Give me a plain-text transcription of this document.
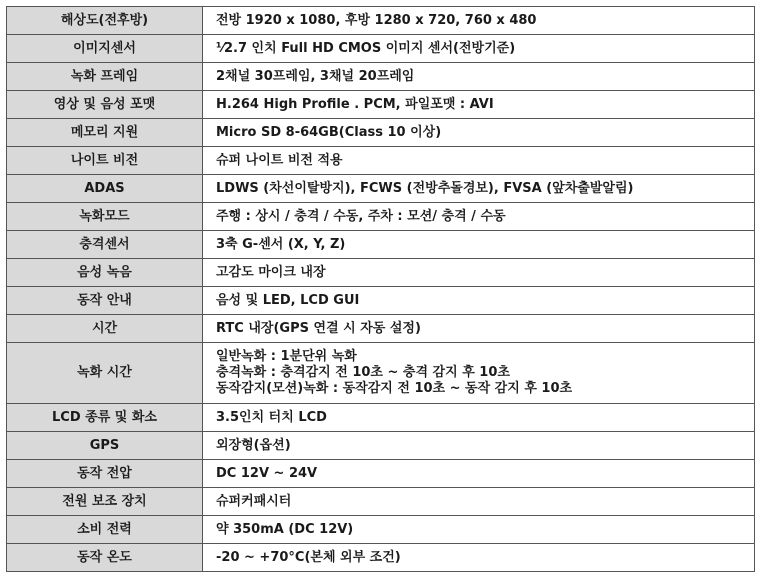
해상도(전후방)	전방 1920 x 1080, 후방 1280 x 720, 760 x 480
이미지센서	⅟2.7 인치 Full HD CMOS 이미지 센서(전방기준)
녹화 프레임	2채널 30프레임, 3채널 20프레임
영상 및 음성 포맷	H.264 High Profile . PCM, 파일포맷 : AVI
메모리 지원	Micro SD 8-64GB(Class 10 이상)
나이트 비전	슈퍼 나이트 비전 적용
ADAS	LDWS (차선이탈방지), FCWS (전방추돌경보), FVSA (앞차출발알림)
녹화모드	주행 : 상시 / 충격 / 수동, 주차 : 모션/ 충격 / 수동
충격센서	3축 G-센서 (X, Y, Z)
음성 녹음	고감도 마이크 내장
동작 안내	음성 및 LED, LCD GUI
시간	RTC 내장(GPS 연결 시 자동 설정)
녹화 시간	일반녹화 : 1분단위 녹화
충격녹화 : 충격감지 전 10초 ~ 충격 감지 후 10초
동작감지(모션)녹화 : 동작감지 전 10초 ~ 동작 감지 후 10초

LCD 종류 및 화소	3.5인치 터치 LCD
GPS	외장형(옵션)
동작 전압	DC 12V ~ 24V
전원 보조 장치	슈퍼커패시터
소비 전력	약 350mA (DC 12V)
동작 온도	-20 ~ +70°C(본체 외부 조건)
